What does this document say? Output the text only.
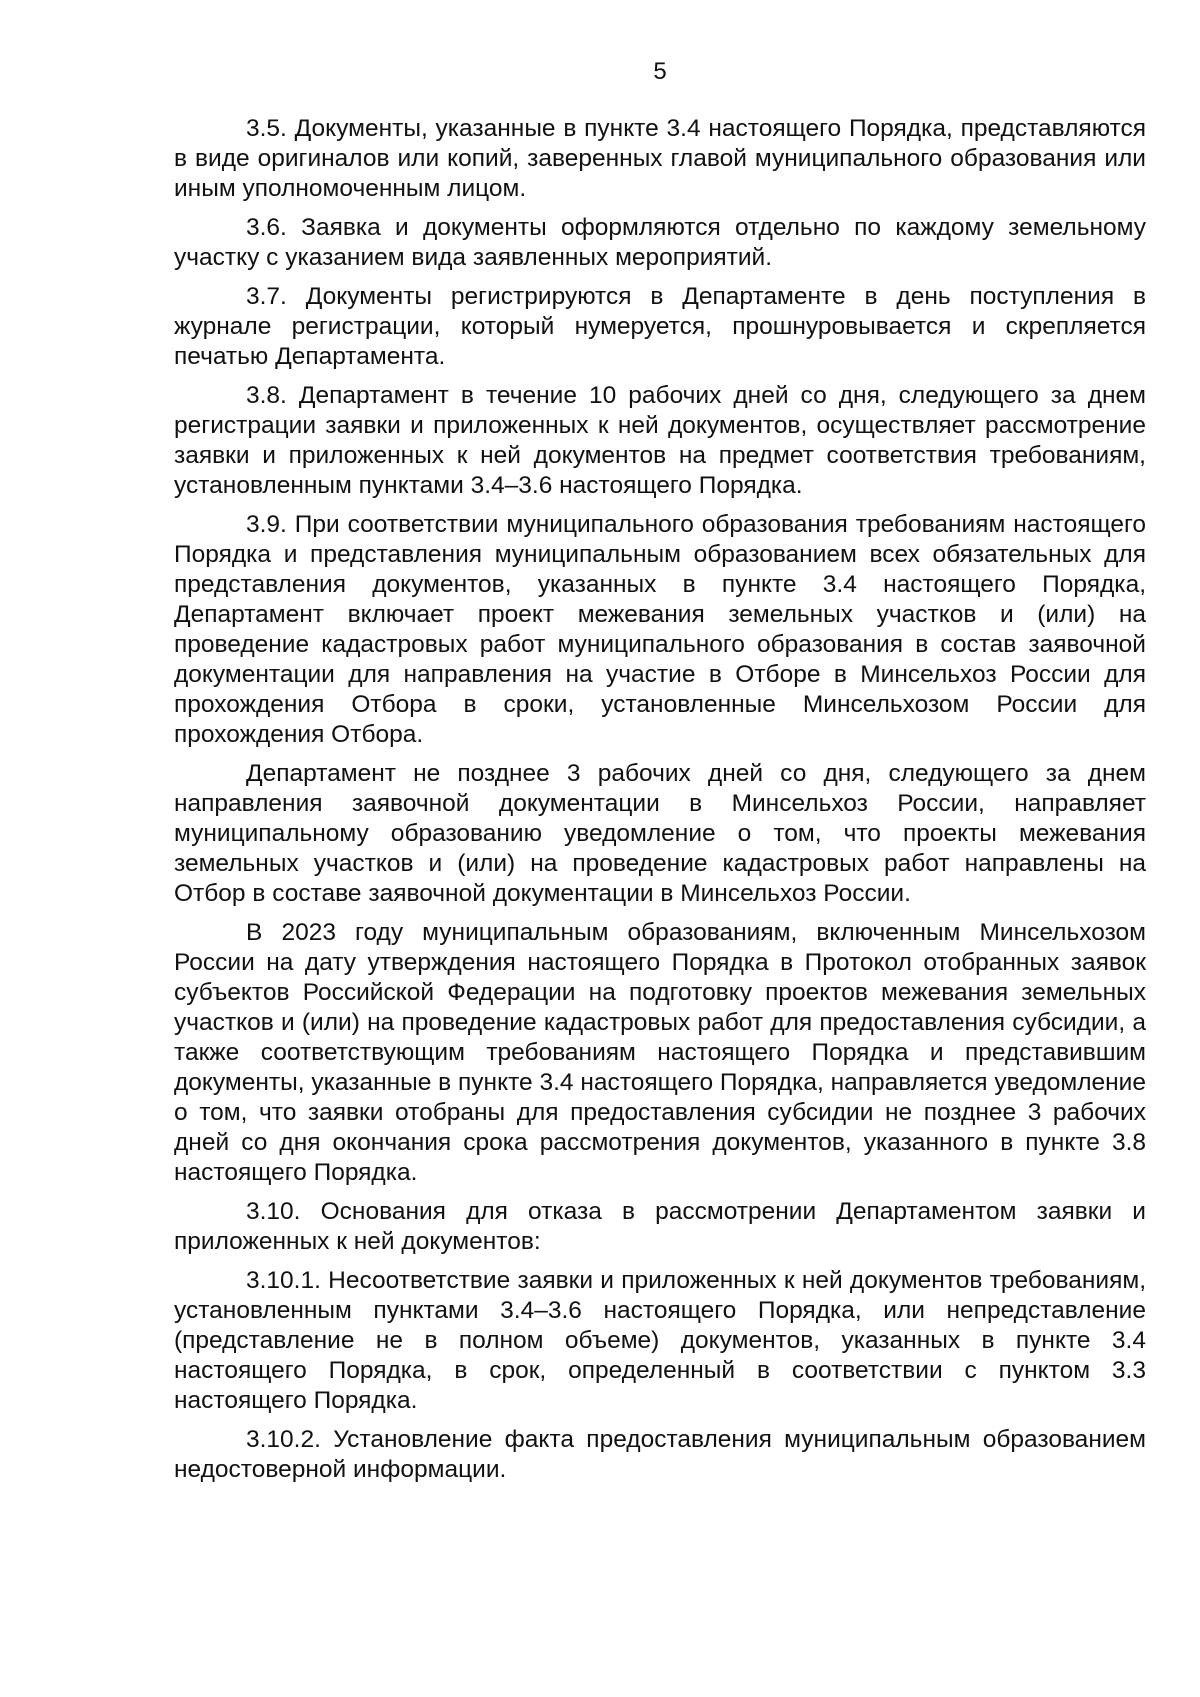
5

3.5. Документы, указанные в пункте 3.4 настоящего Порядка, представляются в виде оригиналов или копий, заверенных главой муниципального образования или иным уполномоченным лицом.

3.6. Заявка и документы оформляются отдельно по каждому земельному участку с указанием вида заявленных мероприятий.

3.7. Документы регистрируются в Департаменте в день поступления в журнале регистрации, который нумеруется, прошнуровывается и скрепляется печатью Департамента.

3.8. Департамент в течение 10 рабочих дней со дня, следующего за днем регистрации заявки и приложенных к ней документов, осуществляет рассмотрение заявки и приложенных к ней документов на предмет соответствия требованиям, установленным пунктами 3.4–3.6 настоящего Порядка.

3.9. При соответствии муниципального образования требованиям настоящего Порядка и представления муниципальным образованием всех обязательных для представления документов, указанных в пункте 3.4 настоящего Порядка, Департамент включает проект межевания земельных участков и (или) на проведение кадастровых работ муниципального образования в состав заявочной документации для направления на участие в Отборе в Минсельхоз России для прохождения Отбора в сроки, установленные Минсельхозом России для прохождения Отбора.

Департамент не позднее 3 рабочих дней со дня, следующего за днем направления заявочной документации в Минсельхоз России, направляет муниципальному образованию уведомление о том, что проекты межевания земельных участков и (или) на проведение кадастровых работ направлены на Отбор в составе заявочной документации в Минсельхоз России.

В 2023 году муниципальным образованиям, включенным Минсельхозом России на дату утверждения настоящего Порядка в Протокол отобранных заявок субъектов Российской Федерации на подготовку проектов межевания земельных участков и (или) на проведение кадастровых работ для предоставления субсидии, а также соответствующим требованиям настоящего Порядка и представившим документы, указанные в пункте 3.4 настоящего Порядка, направляется уведомление о том, что заявки отобраны для предоставления субсидии не позднее 3 рабочих дней со дня окончания срока рассмотрения документов, указанного в пункте 3.8 настоящего Порядка.

3.10. Основания для отказа в рассмотрении Департаментом заявки и приложенных к ней документов:

3.10.1. Несоответствие заявки и приложенных к ней документов требованиям, установленным пунктами 3.4–3.6 настоящего Порядка, или непредставление (представление не в полном объеме) документов, указанных в пункте 3.4 настоящего Порядка, в срок, определенный в соответствии с пунктом 3.3 настоящего Порядка.

3.10.2. Установление факта предоставления муниципальным образованием недостоверной информации.
